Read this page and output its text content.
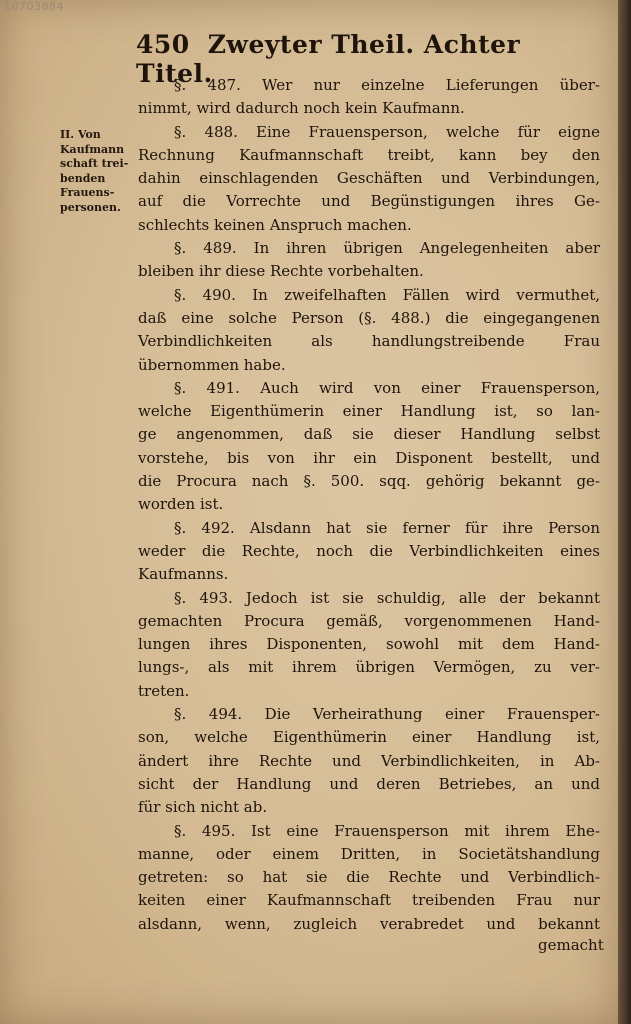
10703884
450 Zweyter Theil. Achter Titel.
II. Von
Kaufmann
schaft trei-
benden
Frauens-
personen.
§. 487. Wer nur einzelne Lieferungen über-
nimmt, wird dadurch noch kein Kaufmann.
§. 488. Eine Frauensperson, welche für eigne
Rechnung Kaufmannschaft treibt, kann bey den
dahin einschlagenden Geschäften und Verbindungen,
auf die Vorrechte und Begünstigungen ihres Ge-
schlechts keinen Anspruch machen.
§. 489. In ihren übrigen Angelegenheiten aber
bleiben ihr diese Rechte vorbehalten.
§. 490. In zweifelhaften Fällen wird vermuthet,
daß eine solche Person (§. 488.) die eingegangenen
Verbindlichkeiten als handlungstreibende Frau
übernommen habe.
§. 491. Auch wird von einer Frauensperson,
welche Eigenthümerin einer Handlung ist, so lan-
ge angenommen, daß sie dieser Handlung selbst
vorstehe, bis von ihr ein Disponent bestellt, und
die Procura nach §. 500. sqq. gehörig bekannt ge-
worden ist.
§. 492. Alsdann hat sie ferner für ihre Person
weder die Rechte, noch die Verbindlichkeiten eines
Kaufmanns.
§. 493. Jedoch ist sie schuldig, alle der bekannt
gemachten Procura gemäß, vorgenommenen Hand-
lungen ihres Disponenten, sowohl mit dem Hand-
lungs-, als mit ihrem übrigen Vermögen, zu ver-
treten.
§. 494. Die Verheirathung einer Frauensper-
son, welche Eigenthümerin einer Handlung ist,
ändert ihre Rechte und Verbindlichkeiten, in Ab-
sicht der Handlung und deren Betriebes, an und
für sich nicht ab.
§. 495. Ist eine Frauensperson mit ihrem Ehe-
manne, oder einem Dritten, in Societätshandlung
getreten: so hat sie die Rechte und Verbindlich-
keiten einer Kaufmannschaft treibenden Frau nur
alsdann, wenn, zugleich verabredet und bekannt
gemacht
